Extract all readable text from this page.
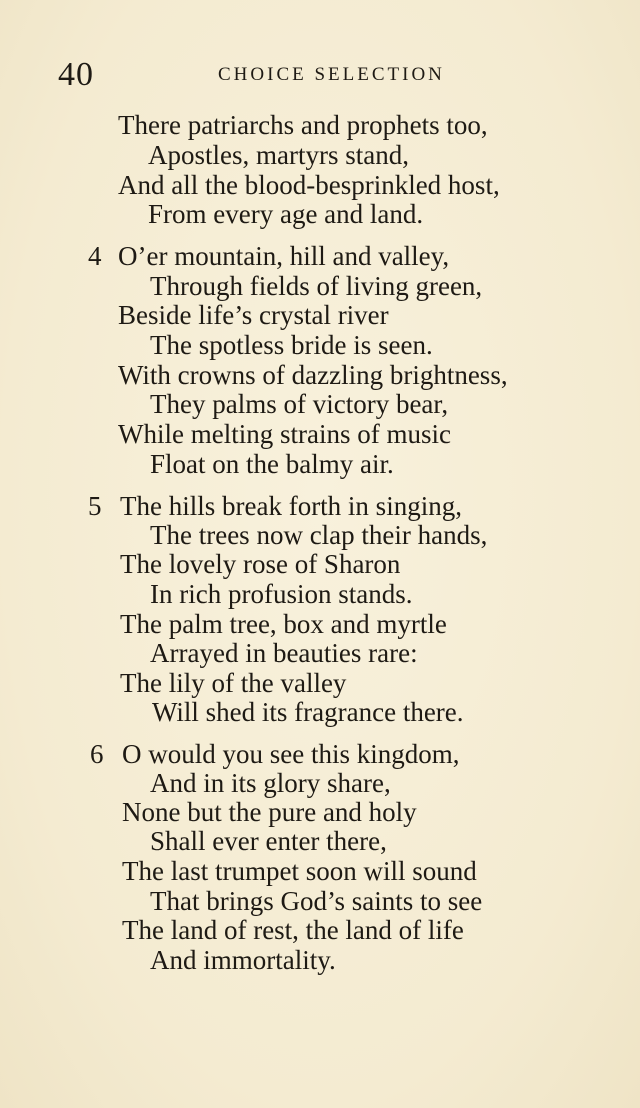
40	CHOICE SELECTION
There patriarchs and prophets too,
Apostles, martyrs stand,
And all the blood-besprinkled host,
From every age and land.
4 O’er mountain, hill and valley,
Through fields of living green,
Beside life’s crystal river
The spotless bride is seen.
With crowns of dazzling brightness,
They palms of victory bear,
While melting strains of music
Float on the balmy air.
5 The hills break forth in singing,
The trees now clap their hands,
The lovely rose of Sharon
In rich profusion stands.
The palm tree, box and myrtle
Arrayed in beauties rare:
The lily of the valley
Will shed its fragrance there.
6 O would you see this kingdom,
And in its glory share,
None but the pure and holy
Shall ever enter there,
The last trumpet soon will sound
That brings God’s saints to see
The land of rest, the land of life
And immortality.
